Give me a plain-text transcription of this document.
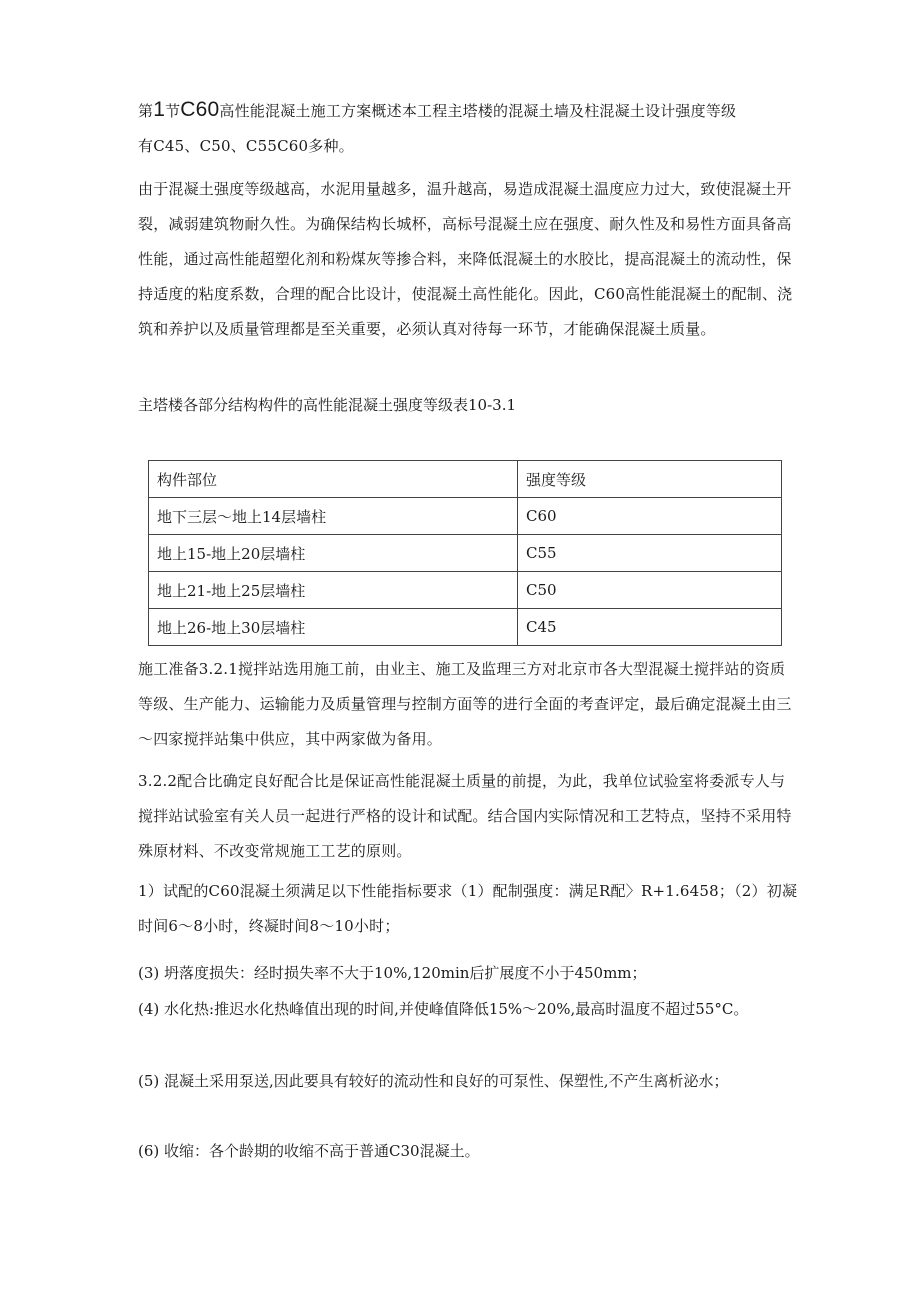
第1节C60高性能混凝土施工方案概述本工程主塔楼的混凝土墙及柱混凝土设计强度等级
有C45、C50、C55C60多种。

由于混凝土强度等级越高，水泥用量越多，温升越高，易造成混凝土温度应力过大，致使混凝土开裂，减弱建筑物耐久性。为确保结构长城杯，高标号混凝土应在强度、耐久性及和易性方面具备高性能，通过高性能超塑化剂和粉煤灰等掺合料，来降低混凝土的水胶比，提高混凝土的流动性，保持适度的粘度系数，合理的配合比设计，使混凝土高性能化。因此，C60高性能混凝土的配制、浇筑和养护以及质量管理都是至关重要，必须认真对待每一环节，才能确保混凝土质量。

主塔楼各部分结构构件的高性能混凝土强度等级表10-3.1
构件部位	强度等级
地下三层～地上14层墙柱	C60
地上15-地上20层墙柱	C55
地上21-地上25层墙柱	C50
地上26-地上30层墙柱	C45

施工准备3.2.1搅拌站选用施工前，由业主、施工及监理三方对北京市各大型混凝土搅拌站的资质等级、生产能力、运输能力及质量管理与控制方面等的进行全面的考查评定，最后确定混凝土由三～四家搅拌站集中供应，其中两家做为备用。

3.2.2配合比确定良好配合比是保证高性能混凝土质量的前提，为此，我单位试验室将委派专人与搅拌站试验室有关人员一起进行严格的设计和试配。结合国内实际情况和工艺特点，坚持不采用特殊原材料、不改变常规施工工艺的原则。

1）试配的C60混凝土须满足以下性能指标要求（1）配制强度：满足R配〉R+1.6458；（2）初凝时间6～8小时，终凝时间8～10小时；

(3) 坍落度损失：经时损失率不大于10%,120min后扩展度不小于450mm；

(4) 水化热:推迟水化热峰值出现的时间,并使峰值降低15%～20%,最高时温度不超过55°C。

(5) 混凝土采用泵送,因此要具有较好的流动性和良好的可泵性、保塑性,不产生离析泌水；

(6) 收缩：各个龄期的收缩不高于普通C30混凝土。
